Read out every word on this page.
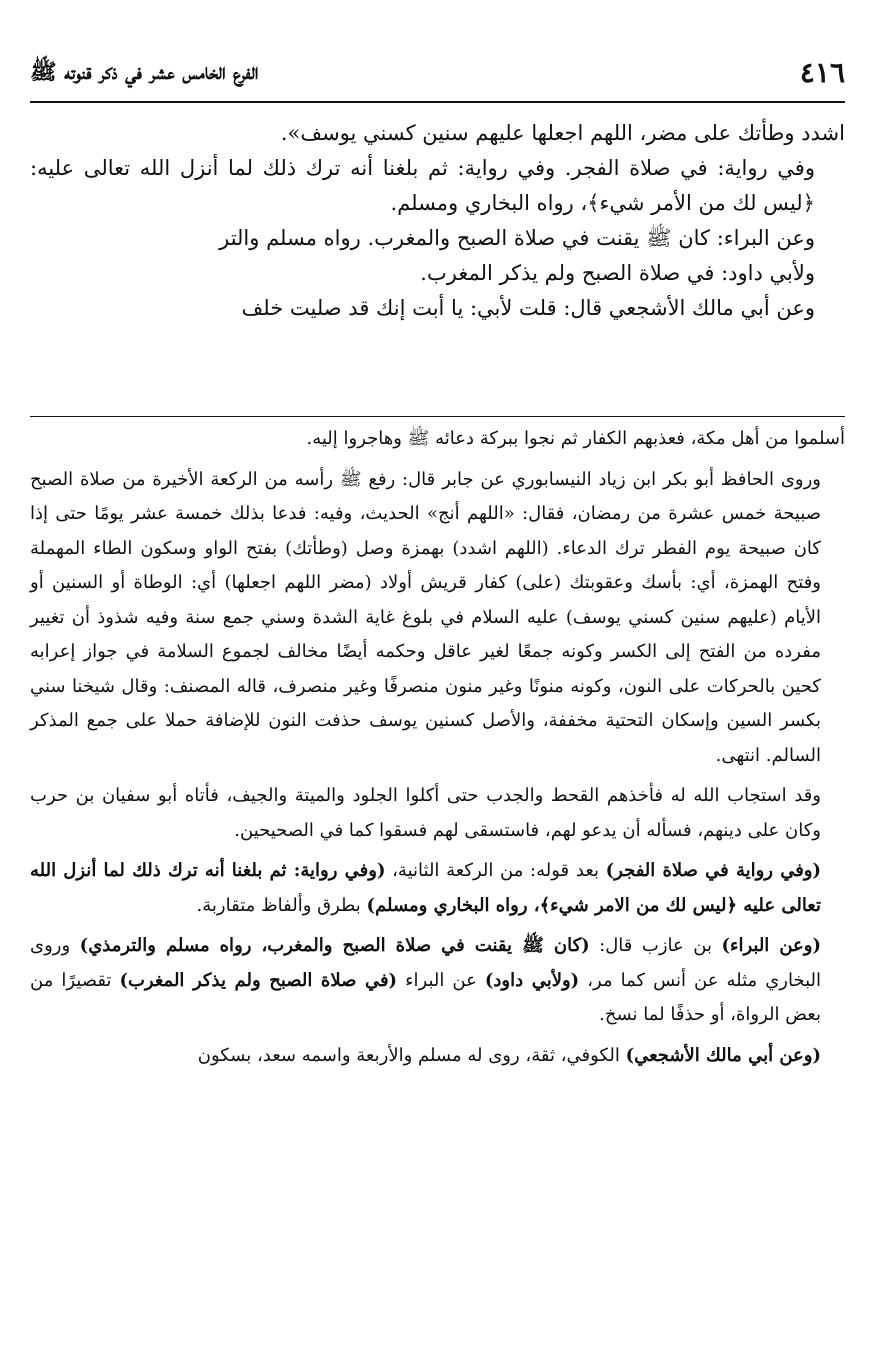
٤١٦
الفرع الخامس عشر في ذكر قنوته ﷺ

اشدد وطأتك على مضر، اللهم اجعلها عليهم سنين كسني يوسف».

وفي رواية: في صلاة الفجر. وفي رواية: ثم بلغنا أنه ترك ذلك لما أنزل الله تعالى عليه: ﴿ليس لك من الأمر شيء﴾، رواه البخاري ومسلم.

وعن البراء: كان ﷺ يقنت في صلاة الصبح والمغرب. رواه مسلم والتر

ولأبي داود: في صلاة الصبح ولم يذكر المغرب.

وعن أبي مالك الأشجعي قال: قلت لأبي: يا أبت إنك قد صليت خلف

أسلموا من أهل مكة، فعذبهم الكفار ثم نجوا ببركة دعائه ﷺ وهاجروا إليه.

وروى الحافظ أبو بكر ابن زياد النيسابوري عن جابر قال: رفع ﷺ رأسه من الركعة الأخيرة من صلاة الصبح صبيحة خمس عشرة من رمضان، فقال: «اللهم أنج» الحديث، وفيه: فدعا بذلك خمسة عشر يومًا حتى إذا كان صبيحة يوم الفطر ترك الدعاء. (اللهم اشدد) بهمزة وصل (وطأتك) بفتح الواو وسكون الطاء المهملة وفتح الهمزة، أي: بأسك وعقوبتك (على) كفار قريش أولاد (مضر اللهم اجعلها) أي: الوطاة أو السنين أو الأيام (عليهم سنين كسني يوسف) عليه السلام في بلوغ غاية الشدة وسني جمع سنة وفيه شذوذ أن تغيير مفرده من الفتح إلى الكسر وكونه جمعًا لغير عاقل وحكمه أيضًا مخالف لجموع السلامة في جواز إعرابه كحين بالحركات على النون، وكونه منونًا وغير منون منصرفًا وغير منصرف، قاله المصنف: وقال شيخنا سني بكسر السين وإسكان التحتية مخففة، والأصل كسنين يوسف حذفت النون للإضافة حملا على جمع المذكر السالم. انتهى.

وقد استجاب الله له فأخذهم القحط والجدب حتى أكلوا الجلود والميتة والجيف، فأتاه أبو سفيان بن حرب وكان على دينهم، فسأله أن يدعو لهم، فاستسقى لهم فسقوا كما في الصحيحين.

(وفي رواية في صلاة الفجر) بعد قوله: من الركعة الثانية، (وفي رواية: ثم بلغنا أنه ترك ذلك لما أنزل الله تعالى عليه ﴿ليس لك من الامر شيء﴾، رواه البخاري ومسلم) بطرق وألفاظ متقاربة.

(وعن البراء) بن عازب قال: (كان ﷺ يقنت في صلاة الصبح والمغرب، رواه مسلم والترمذي) وروى البخاري مثله عن أنس كما مر، (ولأبي داود) عن البراء (في صلاة الصبح ولم يذكر المغرب) تقصيرًا من بعض الرواة، أو حذفًا لما نسخ.

(وعن أبي مالك الأشجعي) الكوفي، ثقة، روى له مسلم والأربعة واسمه سعد، بسكون
